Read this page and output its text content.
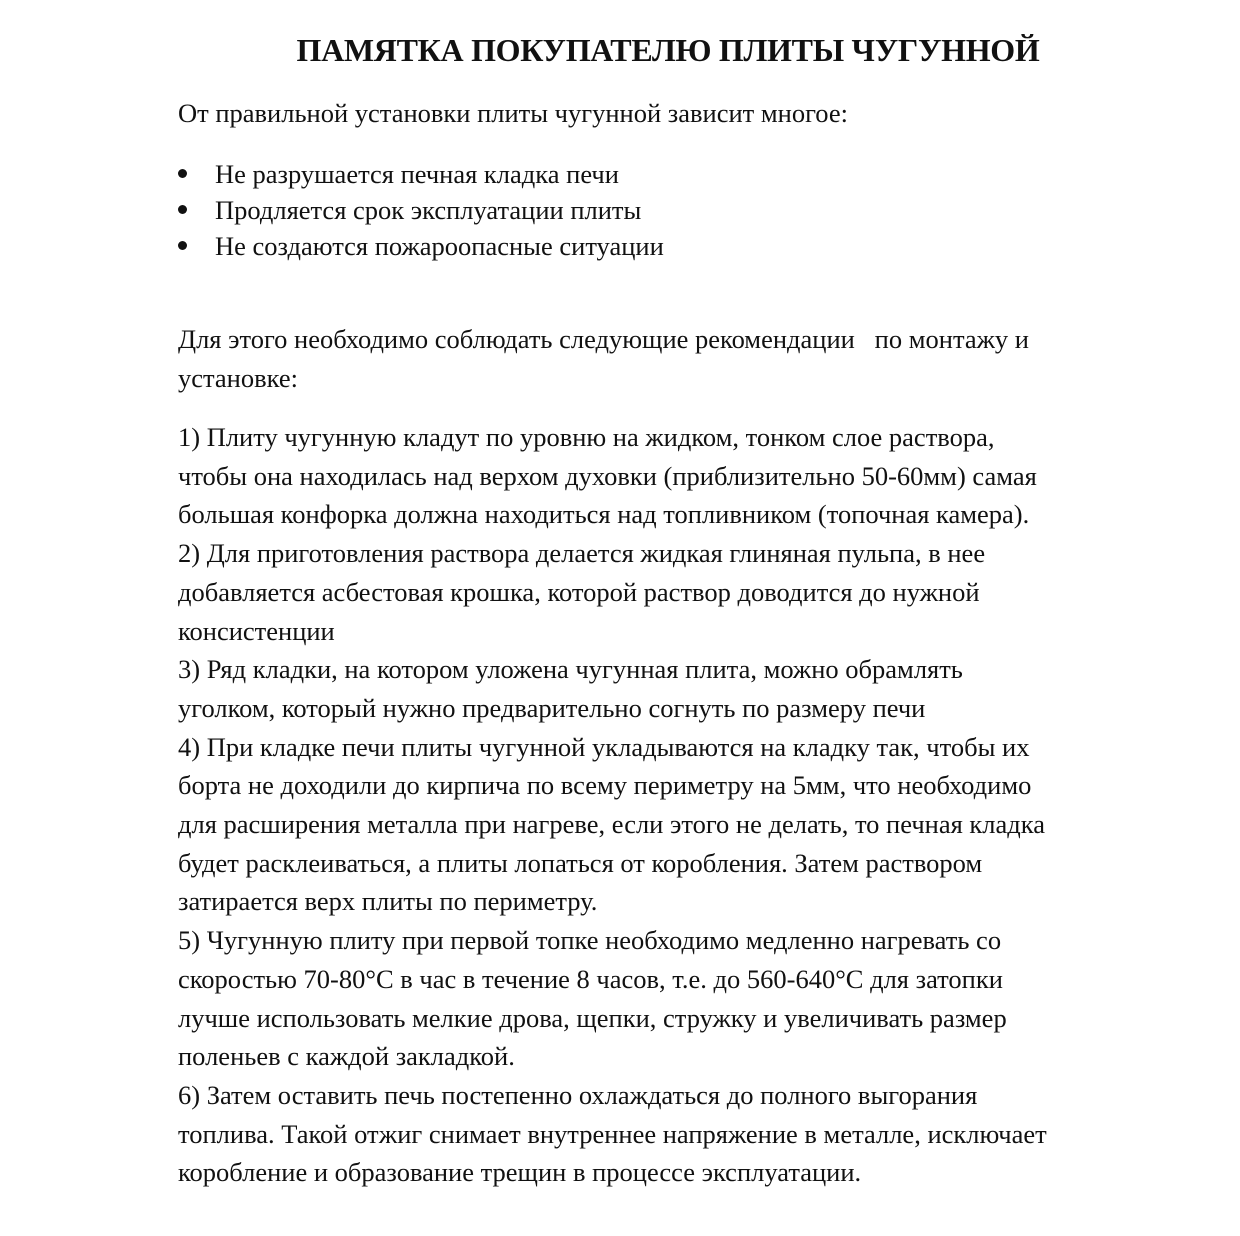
ПАМЯТКА ПОКУПАТЕЛЮ ПЛИТЫ ЧУГУННОЙ

От правильной установки плиты чугунной зависит многое:

Не разрушается печная кладка печи
Продляется срок эксплуатации плиты
Не создаются пожароопасные ситуации
Для этого необходимо соблюдать следующие рекомендации   по монтажу и
установке:
1) Плиту чугунную кладут по уровню на жидком, тонком слое раствора,
чтобы она находилась над верхом духовки (приблизительно 50-60мм) самая
большая конфорка должна находиться над топливником (топочная камера).
2) Для приготовления раствора делается жидкая глиняная пульпа, в нее
добавляется асбестовая крошка, которой раствор доводится до нужной
консистенции
3) Ряд кладки, на котором уложена чугунная плита, можно обрамлять
уголком, который нужно предварительно согнуть по размеру печи
4) При кладке печи плиты чугунной укладываются на кладку так, чтобы их
борта не доходили до кирпича по всему периметру на 5мм, что необходимо
для расширения металла при нагреве, если этого не делать, то печная кладка
будет расклеиваться, а плиты лопаться от коробления. Затем раствором
затирается верх плиты по периметру.
5) Чугунную плиту при первой топке необходимо медленно нагревать со
скоростью 70-80°С в час в течение 8 часов, т.е. до 560-640°С для затопки
лучше использовать мелкие дрова, щепки, стружку и увеличивать размер
поленьев с каждой закладкой.
6) Затем оставить печь постепенно охлаждаться до полного выгорания
топлива. Такой отжиг снимает внутреннее напряжение в металле, исключает
коробление и образование трещин в процессе эксплуатации.
